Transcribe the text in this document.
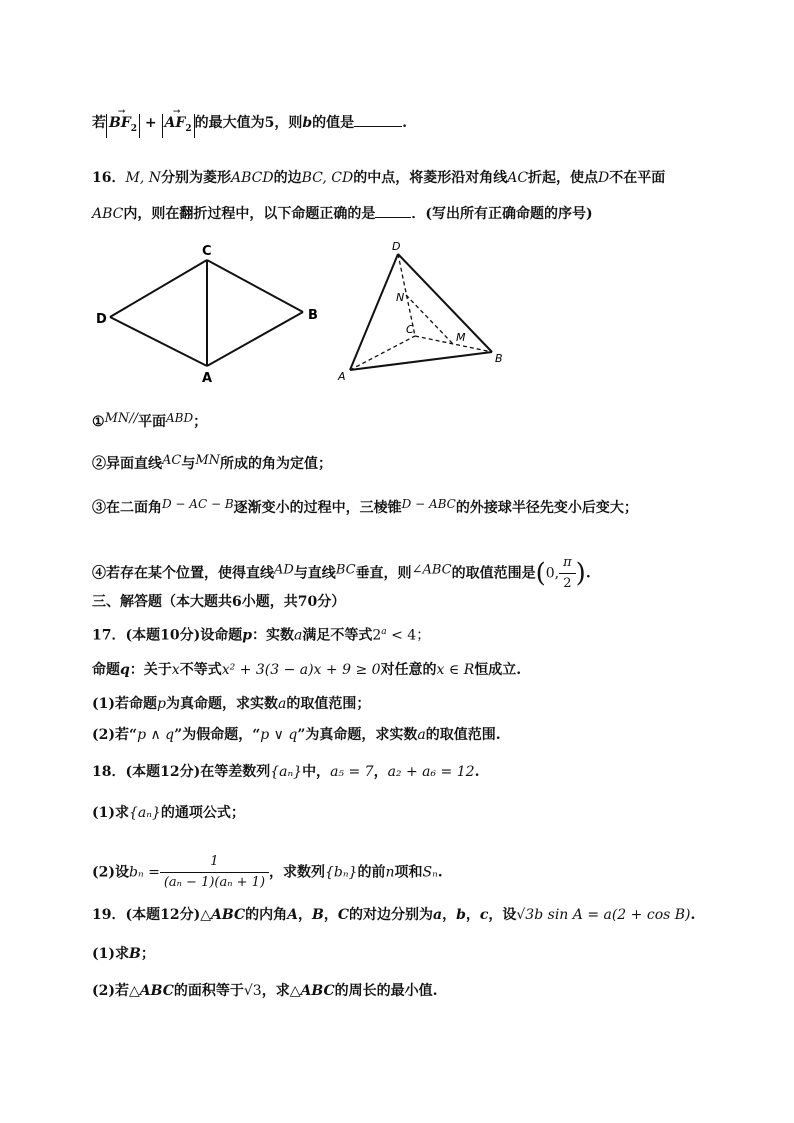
若 → $BF_2$ + → $AF_2$ 的最大值为5，则b的值是	.
16．M, N分别为菱形ABCD的边BC, CD的中点，将菱形沿对角线AC折起，使点D不在平面
ABC内，则在翻折过程中，以下命题正确的是	．(写出所有正确命题的序号)
C
D	B
A
D
N
C
M
A
B
①MN//平面ABD；
②异面直线AC与MN所成的角为定值；
③在二面角D − AC − B逐渐变小的过程中，三棱锥D − ABC的外接球半径先变小后变大；
④若存在某个位置，使得直线AD与直线BC垂直，则∠ABC的取值范围是(0, $\frac{\pi}{2}$ ).
三、解答题（本大题共6小题，共70分）
17．(本题10分)设命题p：实数a满足不等式$2^a < 4$；
命题q：关于x不等式x² + 3(3 − a)x + 9 ≥ 0对任意的x ∈ R恒成立.
(1)若命题p为真命题，求实数a的取值范围；
(2)若“p ∧ q”为假命题，“p ∨ q”为真命题，求实数a的取值范围.
18．(本题12分)在等差数列{aₙ}中，a₅ = 7，a₂ + a₆ = 12.
(1)求{aₙ}的通项公式；
(2)设$b_n = \frac{1}{\text{(aₙ − 1)(aₙ + 1)}}$ ，求数列{bₙ}的前n项和Sₙ.
19．(本题12分)△ABC的内角A，B，C的对边分别为a，b，c，设√3b sin A = a(2 + cos B).
(1)求B；
(2)若△ABC的面积等于√3，求△ABC的周长的最小值.
